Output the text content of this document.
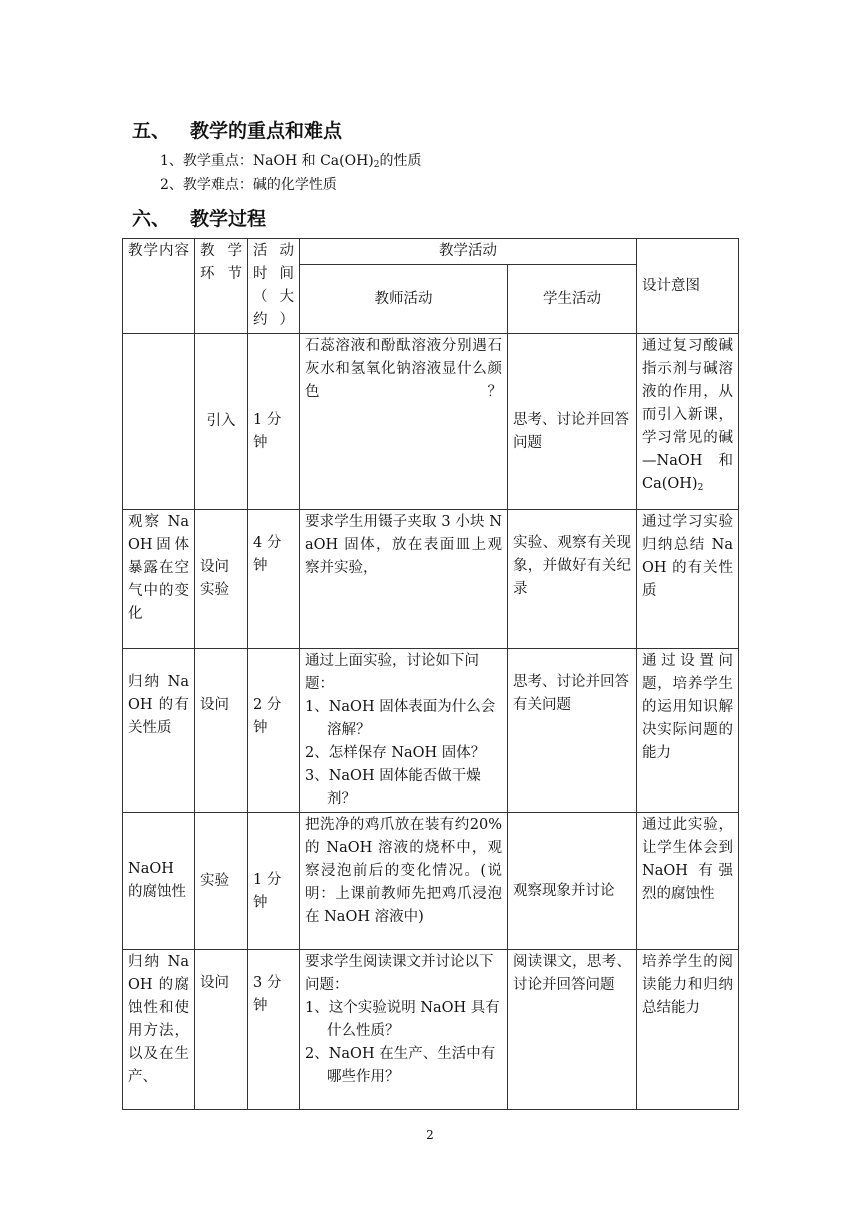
五、 教学的重点和难点

1、教学重点：NaOH 和 $Ca(OH)_2$的性质

2、教学难点：碱的化学性质

六、 教学过程
教学内容	教学环节	活动时间（大约）	教学活动		设计意图
			教师活动	学生活动	
	引入	1 分钟	石蕊溶液和酚酞溶液分别遇石灰水和氢氧化钠溶液显什么颜色？	思考、讨论并回答问题	通过复习酸碱指示剂与碱溶液的作用，从而引入新课，学习常见的碱—NaOH 和 $Ca(OH)_2$
观察 NaOH固体暴露在空气中的变化	设问实验	4 分钟	要求学生用镊子夹取 3 小块 NaOH 固体，放在表面皿上观察并实验，	实验、观察有关现象，并做好有关纪录	通过学习实验归纳总结 NaOH 的有关性质
归纳 NaOH 的有关性质	设问	2 分钟	通过上面实验，讨论如下问题：
1、NaOH 固体表面为什么会溶解？
2、怎样保存 NaOH 固体？
3、NaOH 固体能否做干燥剂？	思考、讨论并回答有关问题	通过设置问题，培养学生的运用知识解决实际问题的能力
NaOH 的腐蚀性	实验	1 分钟	把洗净的鸡爪放在装有约20%的 NaOH 溶液的烧杯中，观察浸泡前后的变化情况。(说明：上课前教师先把鸡爪浸泡在 NaOH 溶液中)	观察现象并讨论	通过此实验，让学生体会到 NaOH 有强烈的腐蚀性
归纳 NaOH 的腐蚀性和使用方法，以及在生产、	设问	3 分钟	要求学生阅读课文并讨论以下问题：
1、这个实验说明 NaOH 具有什么性质？
2、NaOH 在生产、生活中有哪些作用？	阅读课文，思考、讨论并回答问题	培养学生的阅读能力和归纳总结能力

2
